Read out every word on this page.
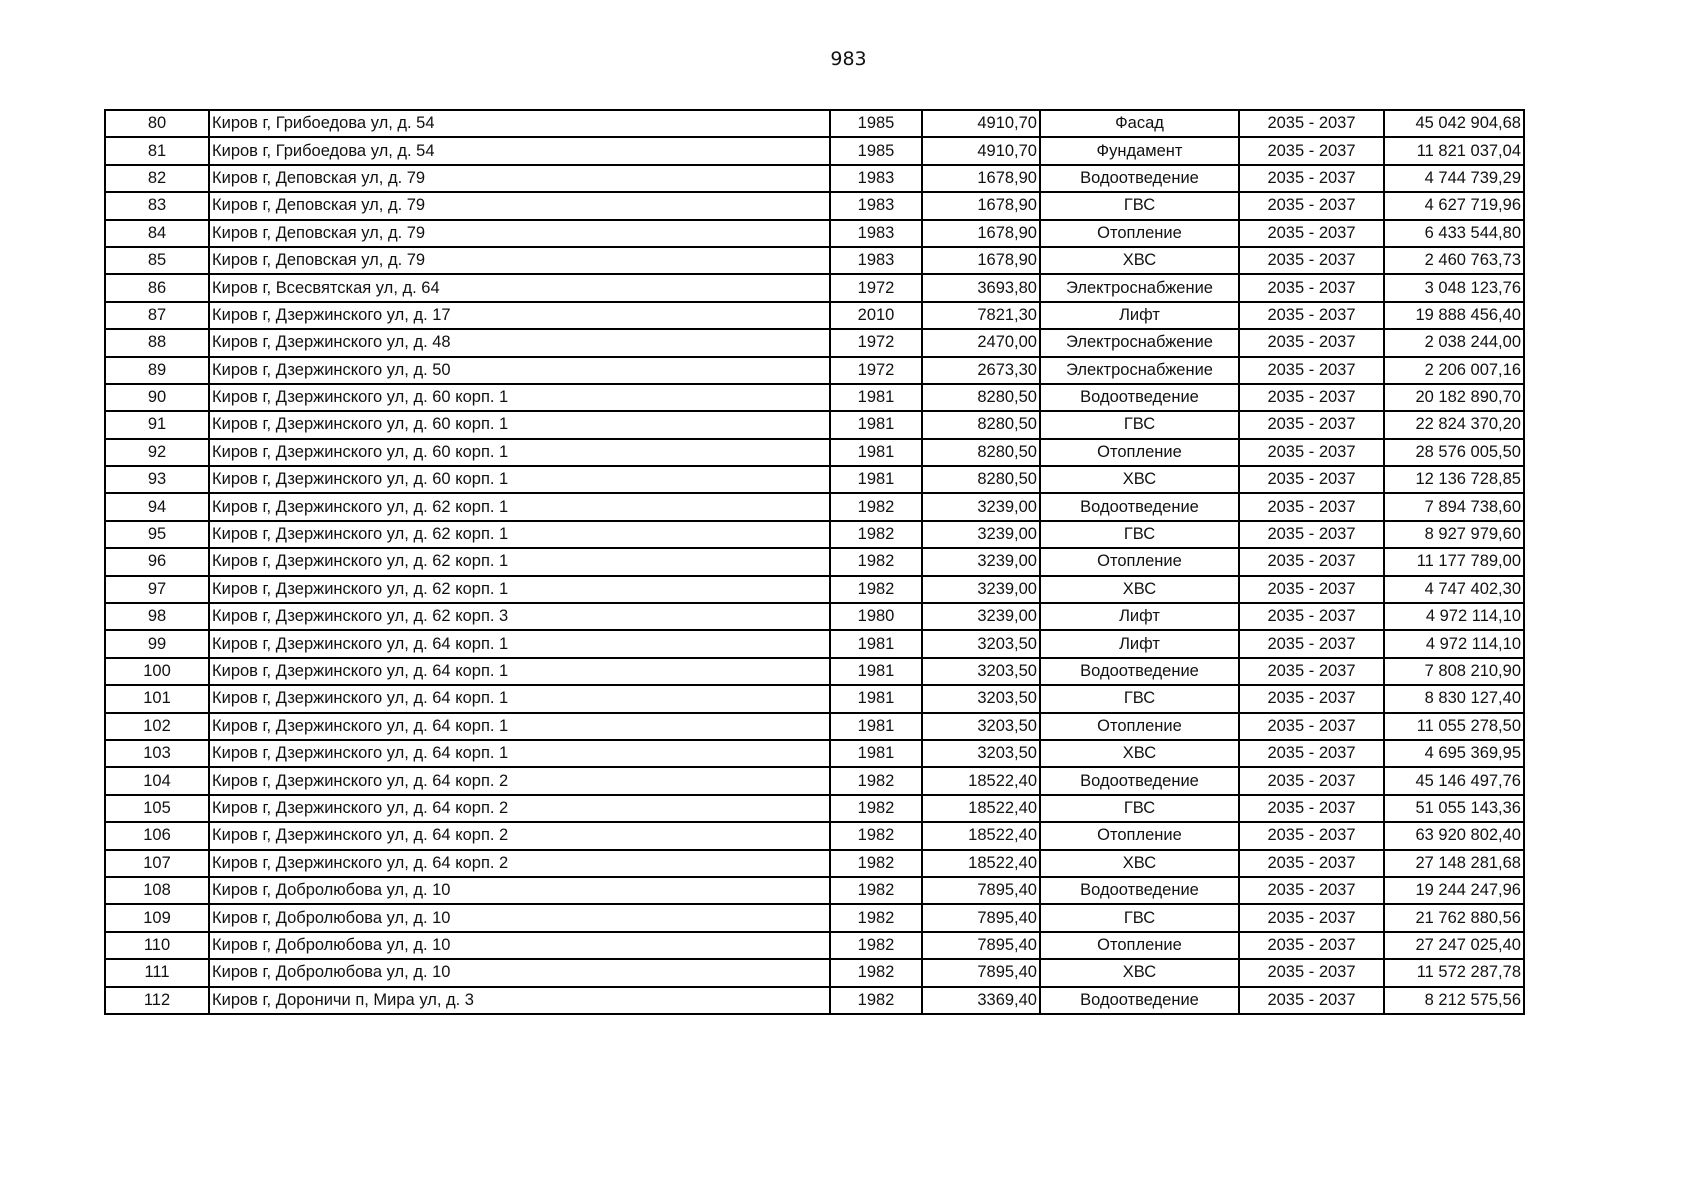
983
80	Киров г, Грибоедова ул, д. 54	1985	4910,70	Фасад	2035 - 2037	45 042 904,68
81	Киров г, Грибоедова ул, д. 54	1985	4910,70	Фундамент	2035 - 2037	11 821 037,04
82	Киров г, Деповская ул, д. 79	1983	1678,90	Водоотведение	2035 - 2037	4 744 739,29
83	Киров г, Деповская ул, д. 79	1983	1678,90	ГВС	2035 - 2037	4 627 719,96
84	Киров г, Деповская ул, д. 79	1983	1678,90	Отопление	2035 - 2037	6 433 544,80
85	Киров г, Деповская ул, д. 79	1983	1678,90	ХВС	2035 - 2037	2 460 763,73
86	Киров г, Всесвятская ул, д. 64	1972	3693,80	Электроснабжение	2035 - 2037	3 048 123,76
87	Киров г, Дзержинского ул, д. 17	2010	7821,30	Лифт	2035 - 2037	19 888 456,40
88	Киров г, Дзержинского ул, д. 48	1972	2470,00	Электроснабжение	2035 - 2037	2 038 244,00
89	Киров г, Дзержинского ул, д. 50	1972	2673,30	Электроснабжение	2035 - 2037	2 206 007,16
90	Киров г, Дзержинского ул, д. 60 корп. 1	1981	8280,50	Водоотведение	2035 - 2037	20 182 890,70
91	Киров г, Дзержинского ул, д. 60 корп. 1	1981	8280,50	ГВС	2035 - 2037	22 824 370,20
92	Киров г, Дзержинского ул, д. 60 корп. 1	1981	8280,50	Отопление	2035 - 2037	28 576 005,50
93	Киров г, Дзержинского ул, д. 60 корп. 1	1981	8280,50	ХВС	2035 - 2037	12 136 728,85
94	Киров г, Дзержинского ул, д. 62 корп. 1	1982	3239,00	Водоотведение	2035 - 2037	7 894 738,60
95	Киров г, Дзержинского ул, д. 62 корп. 1	1982	3239,00	ГВС	2035 - 2037	8 927 979,60
96	Киров г, Дзержинского ул, д. 62 корп. 1	1982	3239,00	Отопление	2035 - 2037	11 177 789,00
97	Киров г, Дзержинского ул, д. 62 корп. 1	1982	3239,00	ХВС	2035 - 2037	4 747 402,30
98	Киров г, Дзержинского ул, д. 62 корп. 3	1980	3239,00	Лифт	2035 - 2037	4 972 114,10
99	Киров г, Дзержинского ул, д. 64 корп. 1	1981	3203,50	Лифт	2035 - 2037	4 972 114,10
100	Киров г, Дзержинского ул, д. 64 корп. 1	1981	3203,50	Водоотведение	2035 - 2037	7 808 210,90
101	Киров г, Дзержинского ул, д. 64 корп. 1	1981	3203,50	ГВС	2035 - 2037	8 830 127,40
102	Киров г, Дзержинского ул, д. 64 корп. 1	1981	3203,50	Отопление	2035 - 2037	11 055 278,50
103	Киров г, Дзержинского ул, д. 64 корп. 1	1981	3203,50	ХВС	2035 - 2037	4 695 369,95
104	Киров г, Дзержинского ул, д. 64 корп. 2	1982	18522,40	Водоотведение	2035 - 2037	45 146 497,76
105	Киров г, Дзержинского ул, д. 64 корп. 2	1982	18522,40	ГВС	2035 - 2037	51 055 143,36
106	Киров г, Дзержинского ул, д. 64 корп. 2	1982	18522,40	Отопление	2035 - 2037	63 920 802,40
107	Киров г, Дзержинского ул, д. 64 корп. 2	1982	18522,40	ХВС	2035 - 2037	27 148 281,68
108	Киров г, Добролюбова ул, д. 10	1982	7895,40	Водоотведение	2035 - 2037	19 244 247,96
109	Киров г, Добролюбова ул, д. 10	1982	7895,40	ГВС	2035 - 2037	21 762 880,56
110	Киров г, Добролюбова ул, д. 10	1982	7895,40	Отопление	2035 - 2037	27 247 025,40
111	Киров г, Добролюбова ул, д. 10	1982	7895,40	ХВС	2035 - 2037	11 572 287,78
112	Киров г, Дороничи п, Мира ул, д. 3	1982	3369,40	Водоотведение	2035 - 2037	8 212 575,56
